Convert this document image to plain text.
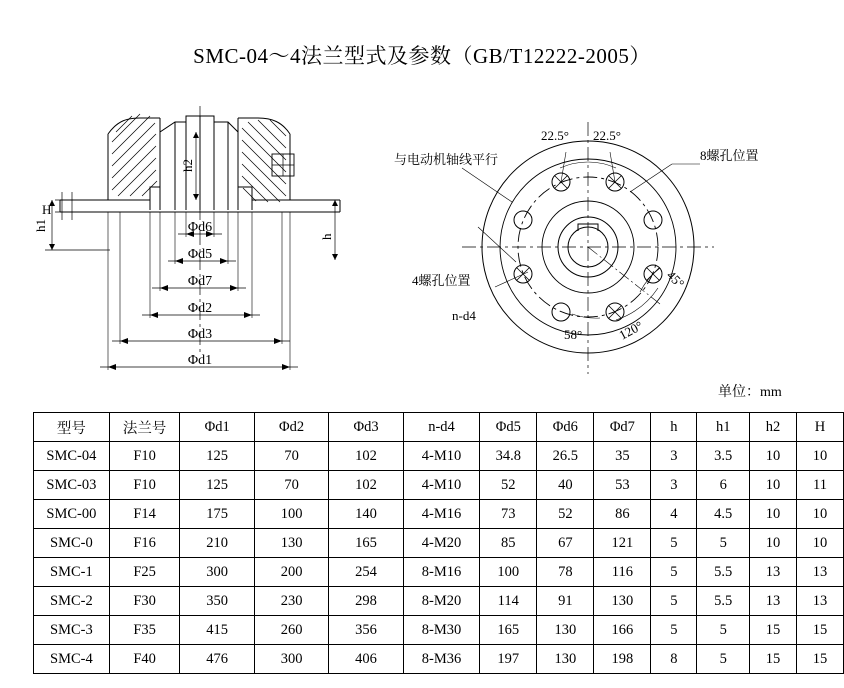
SMC-04～4法兰型式及参数（GB/T12222-2005）
H
h1
h
h2
Φd6
Φd5
Φd7
Φd2
Φd3
Φd1
22.5° 22.5°
8螺孔位置
与电动机轴线平行
4螺孔位置
n-d4
45°
58°	120°
单位：mm
型号	法兰号	Φd1	Φd2	Φd3	n-d4	Φd5	Φd6	Φd7	h	h1	h2	H
SMC-04	F10	125	70	102	4-M10	34.8	26.5	35	3	3.5	10	10
SMC-03	F10	125	70	102	4-M10	52	40	53	3	6	10	11
SMC-00	F14	175	100	140	4-M16	73	52	86	4	4.5	10	10
SMC-0	F16	210	130	165	4-M20	85	67	121	5	5	10	10
SMC-1	F25	300	200	254	8-M16	100	78	116	5	5.5	13	13
SMC-2	F30	350	230	298	8-M20	114	91	130	5	5.5	13	13
SMC-3	F35	415	260	356	8-M30	165	130	166	5	5	15	15
SMC-4	F40	476	300	406	8-M36	197	130	198	8	5	15	15
